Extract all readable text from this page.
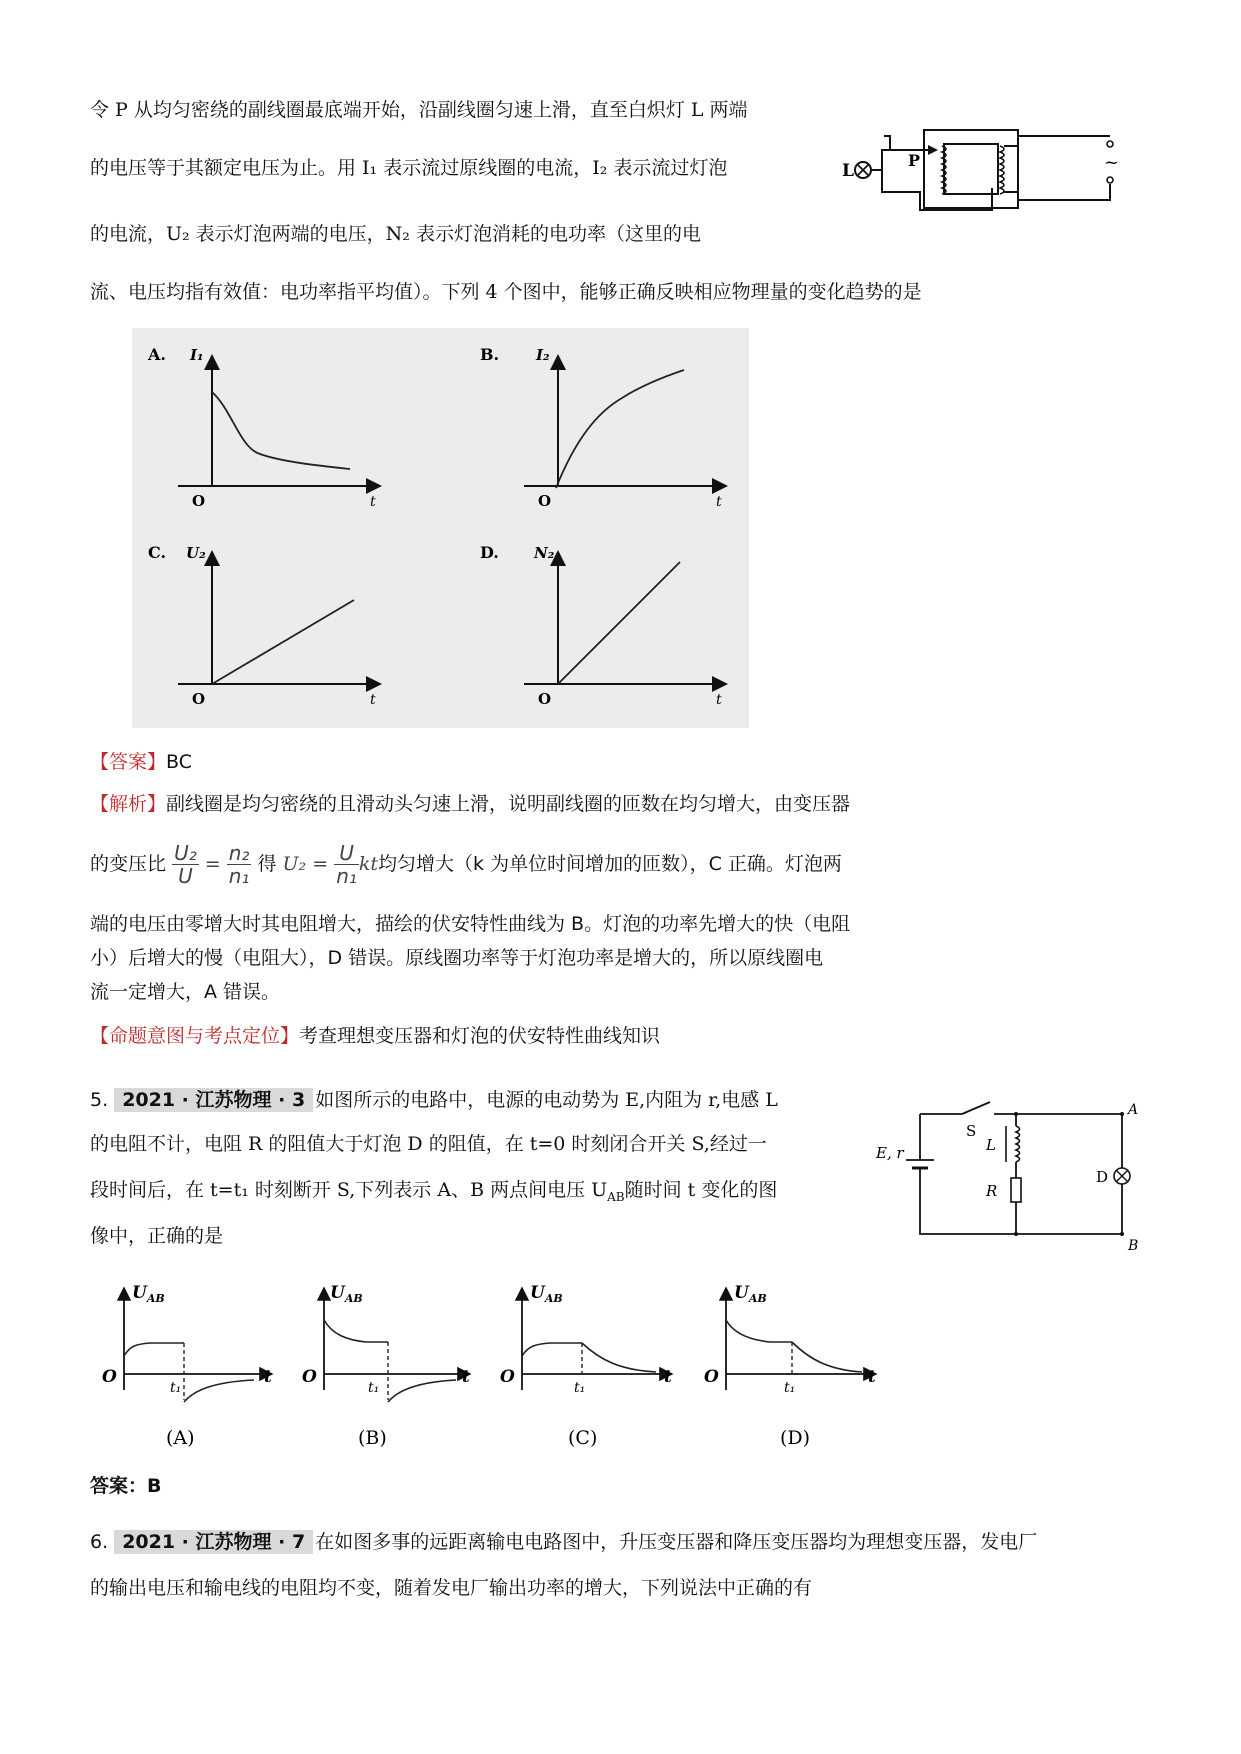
令 P 从均匀密绕的副线圈最底端开始，沿副线圈匀速上滑，直至白炽灯 L 两端
的电压等于其额定电压为止。用 I₁ 表示流过原线圈的电流，I₂ 表示流过灯泡
的电流，U₂ 表示灯泡两端的电压，N₂ 表示灯泡消耗的电功率（这里的电
流、电压均指有效值：电功率指平均值）。下列 4 个图中，能够正确反映相应物理量的变化趋势的是
L
P	~
A. I₁
O	t
B. I₂
O	t
C. U₂
O	t
D. N₂
O	t
【答案】BC
【解析】副线圈是均匀密绕的且滑动头匀速上滑，说明副线圈的匝数在均匀增大，由变压器
的变压比 $\frac{\text{U₂}}{U} = \frac{\text{n₂}}{\text{n₁}}$ 得 $U_2 = \frac{U}{\text{n₁}}$ kt均匀增大（k 为单位时间增加的匝数），C 正确。灯泡两
端的电压由零增大时其电阻增大，描绘的伏安特性曲线为 B。灯泡的功率先增大的快（电阻
小）后增大的慢（电阻大），D 错误。原线圈功率等于灯泡功率是增大的，所以原线圈电
流一定增大，A 错误。
【命题意图与考点定位】考查理想变压器和灯泡的伏安特性曲线知识
5. 2021 · 江苏物理 · 3 如图所示的电路中，电源的电动势为 E,内阻为 r,电感 L
的电阻不计，电阻 R 的阻值大于灯泡 D 的阻值，在 t=0 时刻闭合开关 S,经过一
段时间后，在 t=t₁ 时刻断开 S,下列表示 A、B 两点间电压 $U_{AB}$随时间 t 变化的图
像中，正确的是
S
E, r	L
R
D
A
B
$U_{AB}$
O	t
t₁
(A)
$U_{AB}$
O	t
t₁
(B)
$U_{AB}$
O	t
t₁
(C)
$U_{AB}$
O	t
t₁
(D)
答案：B
6. 2021 · 江苏物理 · 7 在如图多事的远距离输电电路图中，升压变压器和降压变压器均为理想变压器，发电厂
的输出电压和输电线的电阻均不变，随着发电厂输出功率的增大，下列说法中正确的有
